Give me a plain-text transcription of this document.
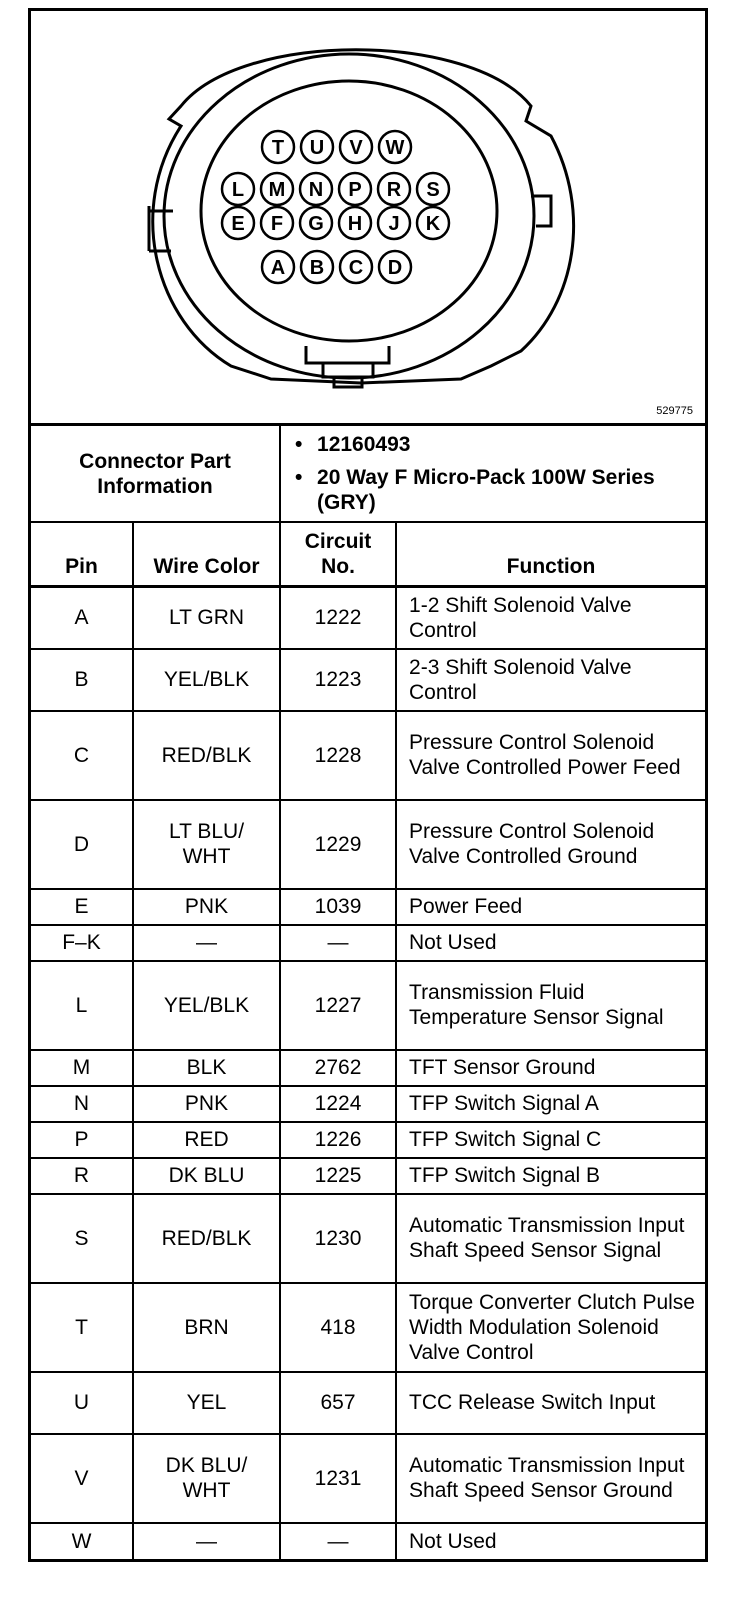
T U V W
L M N P R S
E F G H J K
A B C D
529775
Connector Part Information		• 12160493
• 20 Way F Micro-Pack 100W Series (GRY)	

Pin	Wire Color	Circuit No.	Function
A	LT GRN	1222	1-2 Shift Solenoid Valve Control
B	YEL/BLK	1223	2-3 Shift Solenoid Valve Control
C	RED/BLK	1228	Pressure Control Solenoid Valve Controlled Power Feed
D	LT BLU/ WHT	1229	Pressure Control Solenoid Valve Controlled Ground
E	PNK	1039	Power Feed
F–K	—	—	Not Used
L	YEL/BLK	1227	Transmission Fluid Temperature Sensor Signal
M	BLK	2762	TFT Sensor Ground
N	PNK	1224	TFP Switch Signal A
P	RED	1226	TFP Switch Signal C
R	DK BLU	1225	TFP Switch Signal B
S	RED/BLK	1230	Automatic Transmission Input Shaft Speed Sensor Signal
T	BRN	418	Torque Converter Clutch Pulse Width Modulation Solenoid Valve Control
U	YEL	657	TCC Release Switch Input
V	DK BLU/ WHT	1231	Automatic Transmission Input Shaft Speed Sensor Ground
W	—	—	Not Used
